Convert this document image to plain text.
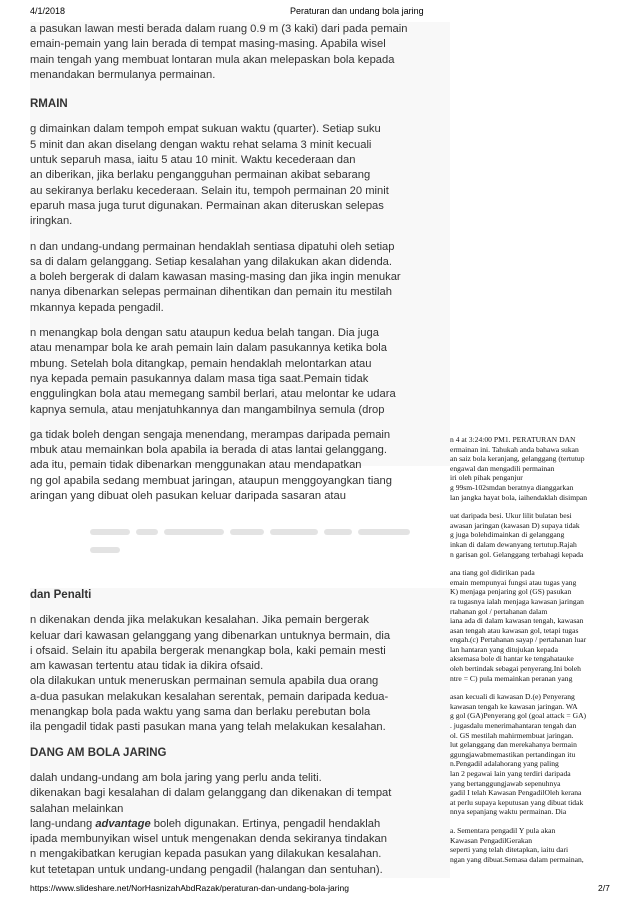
4/1/2018	Peraturan dan undang bola jaring

a pasukan lawan mesti berada dalam ruang 0.9 m (3 kaki) dari pada pemain

emain-pemain yang lain berada di tempat masing-masing. Apabila wisel

main tengah yang membuat lontaran mula akan melepaskan bola kepada

menandakan bermulanya permainan.

RMAIN

g dimainkan dalam tempoh empat sukuan waktu (quarter). Setiap suku

5 minit dan akan diselang dengan waktu rehat selama 3 minit kecuali

untuk separuh masa, iaitu 5 atau 10 minit. Waktu kecederaan dan

an diberikan, jika berlaku pengangguhan permainan akibat sebarang

au sekiranya berlaku kecederaan. Selain itu, tempoh permainan 20 minit

eparuh masa juga turut digunakan. Permainan akan diteruskan selepas

iringkan.

n dan undang-undang permainan hendaklah sentiasa dipatuhi oleh setiap

sa di dalam gelanggang. Setiap kesalahan yang dilakukan akan didenda.

a boleh bergerak di dalam kawasan masing-masing dan jika ingin menukar

nanya dibenarkan selepas permainan dihentikan dan pemain itu mestilah

mkannya kepada pengadil.

n menangkap bola dengan satu ataupun kedua belah tangan. Dia juga

atau menampar bola ke arah pemain lain dalam pasukannya ketika bola

mbung. Setelah bola ditangkap, pemain hendaklah melontarkan atau

nya kepada pemain pasukannya dalam masa tiga saat.Pemain tidak

enggulingkan bola atau memegang sambil berlari, atau melontar ke udara

kapnya semula, atau menjatuhkannya dan mangambilnya semula (drop

ga tidak boleh dengan sengaja menendang, merampas daripada pemain

mbuk atau memainkan bola apabila ia berada di atas lantai gelanggang.

ada itu, pemain tidak dibenarkan menggunakan atau mendapatkan

ng gol apabila sedang membuat jaringan, ataupun menggoyangkan tiang

aringan yang dibuat oleh pasukan keluar daripada sasaran atau

dan Penalti

n dikenakan denda jika melakukan kesalahan. Jika pemain bergerak

keluar dari kawasan gelanggang yang dibenarkan untuknya bermain, dia

i ofsaid. Selain itu apabila bergerak menangkap bola, kaki pemain mesti

am kawasan tertentu atau tidak ia dikira ofsaid.

ola dilakukan untuk meneruskan permainan semula apabila dua orang

a-dua pasukan melakukan kesalahan serentak, pemain daripada kedua-

menangkap bola pada waktu yang sama dan berlaku perebutan bola

ila pengadil tidak pasti pasukan mana yang telah melakukan kesalahan.

DANG AM BOLA JARING

dalah undang-undang am bola jaring yang perlu anda teliti.

dikenakan bagi kesalahan di dalam gelanggang dan dikenakan di tempat

salahan melainkan

lang-undang advantage boleh digunakan. Ertinya, pengadil hendaklah

ipada membunyikan wisel untuk mengenakan denda sekiranya tindakan

n mengakibatkan kerugian kepada pasukan yang dilakukan kesalahan.

kut tetetapan untuk undang-undang pengadil (halangan dan sentuhan).

n 4 at 3:24:00 PM1. PERATURAN DAN

ermainan ini. Tahukah anda bahawa sukan

an saiz bola keranjang, gelanggang (tertutup

engawal dan mengadili permainan

iri oleh pihak penganjur

g 99sm-102smdan beratnya dianggarkan

lan jangka hayat bola, iaihendaklah disimpan

uat daripada besi. Ukur lilit bulatan besi

awasan jaringan (kawasan D) supaya tidak

g juga bolehdimainkan di gelanggang

inkan di dalam dewanyang tertutup.Rajah

n garisan gol. Gelanggang terbahagi kepada

ana tiang gol didirikan pada

emain mempunyai fungsi atau tugas yang

K) menjaga penjaring gol (GS) pasukan

ra tugasnya ialah menjaga kawasan jaringan

rtahanan gol / pertahanan dalam

iana ada di dalam kawasan tengah, kawasan

asan tengah atau kawasan gol, tetapi tugas

engah.(c) Pertahanan sayap / pertahanan luar

lan hantaran yang ditujukan kepada

aksemasa bole di hantar ke tengahatauke

oleh bertindak sebagai penyerang.Ini boleh

ntre = C) pula memainkan peranan yang

asan kecuali di kawasan D.(e) Penyerang

kawasan tengah ke kawasan jaringan. WA

g gol (GA)Penyerang gol (goal attack = GA)

. jugasdalu menerimahantaran tengah dan

ol. GS mestilah mahirmembuat jaringan.

lut gelanggang dan merekahanya bermain

ggungjawabmemastikan pertandingan itu

n.Pengadil adalahorang yang paling

lan 2 pegawai lain yang terdiri daripada

yang bertanggungjawab sepenuhnya

gadil I telah Kawasan PengadilOleh kerana

at perlu supaya keputusan yang dibuat tidak

nnya sepanjang waktu permainan. Dia

a. Sementara pengadil Y pula akan

Kawasan PengadilGerakan

seperti yang telah ditetapkan, iaitu dari

ngan yang dibuat.Semasa dalam permainan,

https://www.slideshare.net/NorHasnizahAbdRazak/peraturan-dan-undang-bola-jaring	2/7
